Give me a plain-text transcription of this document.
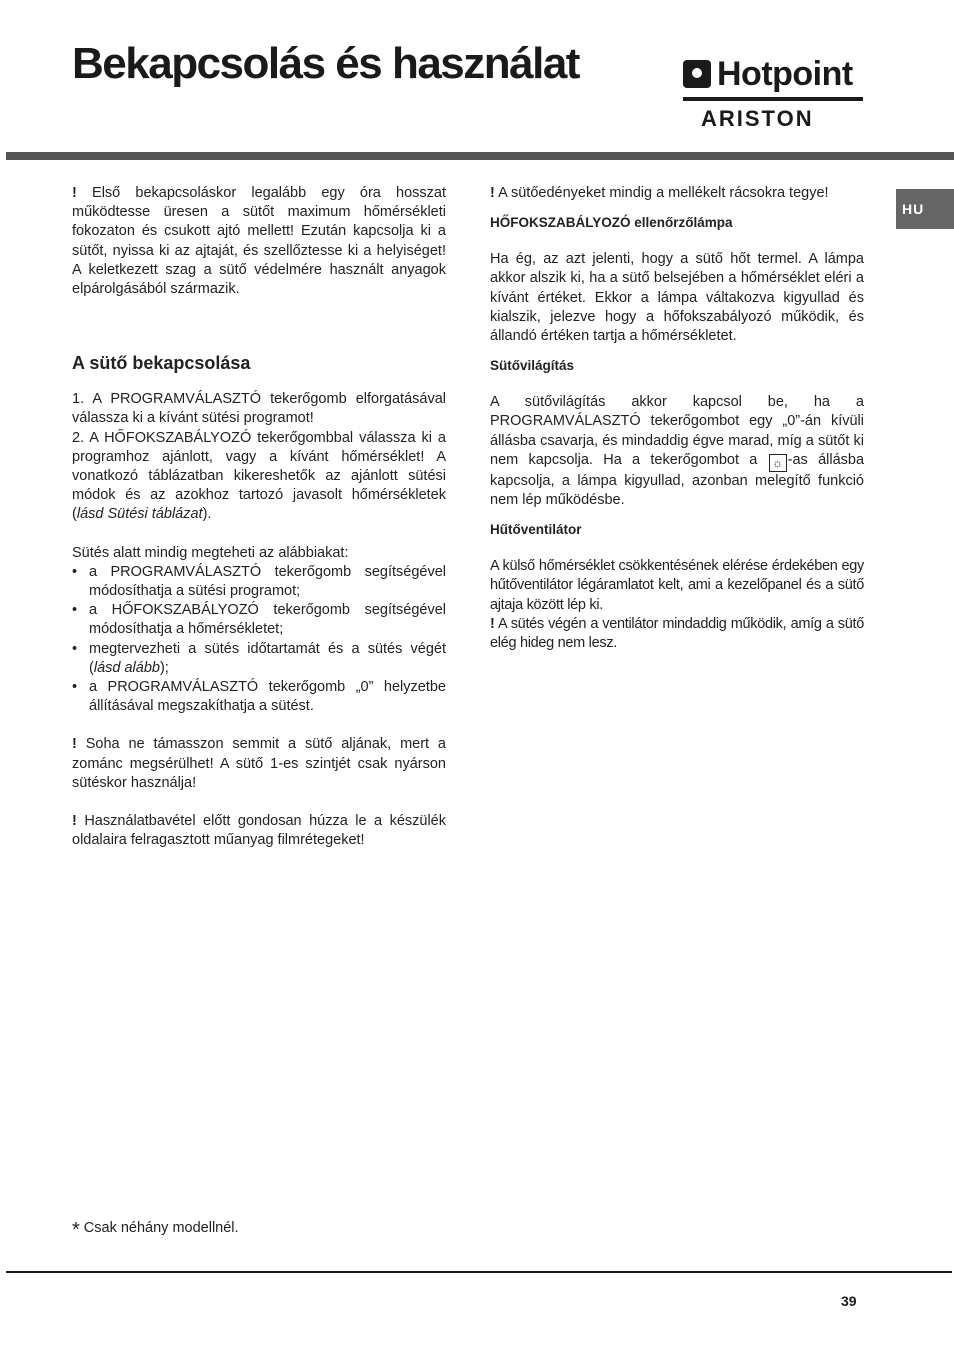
Bekapcsolás és használat	Hotpoint
ARISTON
HU

! Első bekapcsoláskor legalább egy óra hosszat működtesse üresen a sütőt maximum hőmérsékleti fokozaton és csukott ajtó mellett! Ezután kapcsolja ki a sütőt, nyissa ki az ajtaját, és szellőztesse ki a helyiséget! A keletkezett szag a sütő védelmére használt anyagok elpárolgásából származik.

A sütő bekapcsolása

1. A PROGRAMVÁLASZTÓ tekerőgomb elforgatásával válassza ki a kívánt sütési programot!

2. A HŐFOKSZABÁLYOZÓ tekerőgombbal válassza ki a programhoz ajánlott, vagy a kívánt hőmérséklet! A vonatkozó táblázatban kikereshetők az ajánlott sütési módok és az azokhoz tartozó javasolt hőmérsékletek (lásd Sütési táblázat).

Sütés alatt mindig megteheti az alábbiakat:

• a PROGRAMVÁLASZTÓ tekerőgomb segítségével módosíthatja a sütési programot;
• a HŐFOKSZABÁLYOZÓ tekerőgomb segítségével módosíthatja a hőmérsékletet;
• megtervezheti a sütés időtartamát és a sütés végét (lásd alább);
• a PROGRAMVÁLASZTÓ tekerőgomb „0” helyzetbe állításával megszakíthatja a sütést.

! Soha ne támasszon semmit a sütő aljának, mert a zománc megsérülhet! A sütő 1-es szintjét csak nyárson sütéskor használja!

! Használatbavétel előtt gondosan húzza le a készülék oldalaira felragasztott műanyag filmrétegeket!

! A sütőedényeket mindig a mellékelt rácsokra tegye!

HŐFOKSZABÁLYOZÓ ellenőrzőlámpa

Ha ég, az azt jelenti, hogy a sütő hőt termel. A lámpa akkor alszik ki, ha a sütő belsejében a hőmérséklet eléri a kívánt értéket. Ekkor a lámpa váltakozva kigyullad és kialszik, jelezve hogy a hőfokszabályozó működik, és állandó értéken tartja a hőmérsékletet.

Sütővilágítás

A sütővilágítás akkor kapcsol be, ha a PROGRAMVÁLASZTÓ tekerőgombot egy „0”-án kívüli állásba csavarja, és mindaddig égve marad, míg a sütőt ki nem kapcsolja. Ha a tekerőgombot a ☼ -as állásba kapcsolja, a lámpa kigyullad, azonban melegítő funkció nem lép működésbe.

Hűtőventilátor

A külső hőmérséklet csökkentésének elérése érdekében egy hűtőventilátor légáramlatot kelt, ami a kezelőpanel és a sütő ajtaja között lép ki.

! A sütés végén a ventilátor mindaddig működik, amíg a sütő elég hideg nem lesz.

* Csak néhány modellnél.
39
